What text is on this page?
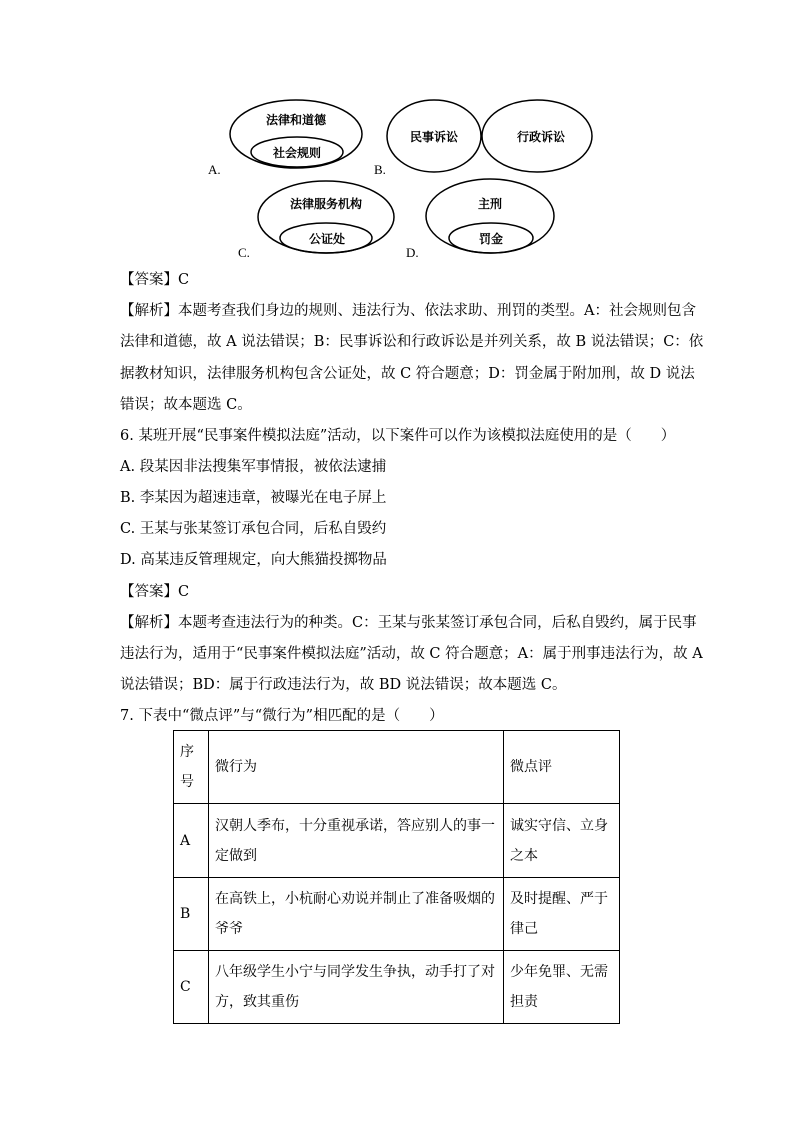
法律和道德
社会规则
A.
民事诉讼	行政诉讼
B.
法律服务机构
公证处
C.
主刑
罚金
D.
【答案】C
【解析】本题考查我们身边的规则、违法行为、依法求助、刑罚的类型。A：社会规则包含
法律和道德，故 A 说法错误；B：民事诉讼和行政诉讼是并列关系，故 B 说法错误；C：依
据教材知识，法律服务机构包含公证处，故 C 符合题意；D：罚金属于附加刑，故 D 说法
错误；故本题选 C。
6. 某班开展“民事案件模拟法庭”活动，以下案件可以作为该模拟法庭使用的是（　　）
A. 段某因非法搜集军事情报，被依法逮捕
B. 李某因为超速违章，被曝光在电子屏上
C. 王某与张某签订承包合同，后私自毁约
D. 高某违反管理规定，向大熊猫投掷物品
【答案】C
【解析】本题考查违法行为的种类。C：王某与张某签订承包合同，后私自毁约，属于民事
违法行为，适用于“民事案件模拟法庭”活动，故 C 符合题意；A：属于刑事违法行为，故 A
说法错误；BD：属于行政违法行为，故 BD 说法错误；故本题选 C。
7. 下表中“微点评”与“微行为”相匹配的是（　　）
序号	微行为	微点评
A	汉朝人季布，十分重视承诺，答应别人的事一定做到	诚实守信、立身之本
B	在高铁上，小杭耐心劝说并制止了准备吸烟的爷爷	及时提醒、严于律己
C	八年级学生小宁与同学发生争执，动手打了对方，致其重伤	少年免罪、无需担责
